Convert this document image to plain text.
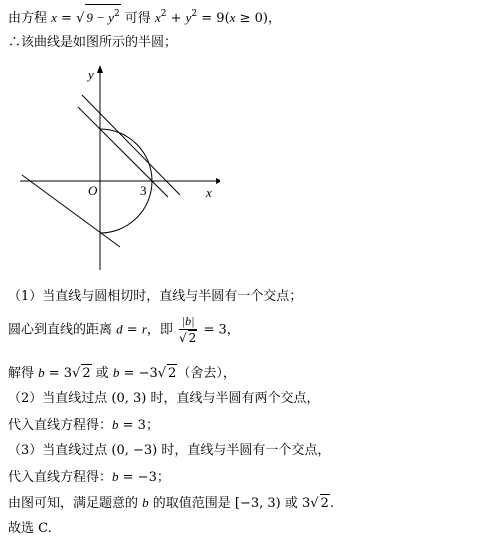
由方程 x = √ $9 - y^2$ 可得 $x^2 + y^2 = 9(x \ge 0)$，
∴该曲线是如图所示的半圆；
y
x
O	3
（1）当直线与圆相切时，直线与半圆有一个交点；
圆心到直线的距离 d = r，即 $\frac{|b|}{√ 2} = 3$，
解得 b = 3√ 2 或 b = −3√ 2（舍去），
（2）当直线过点 (0, 3) 时，直线与半圆有两个交点，
代入直线方程得：b = 3；
（3）当直线过点 (0, −3) 时，直线与半圆有一个交点，
代入直线方程得：b = −3；
由图可知，满足题意的 b 的取值范围是 [−3, 3) 或 3√ 2.
故选 C.
